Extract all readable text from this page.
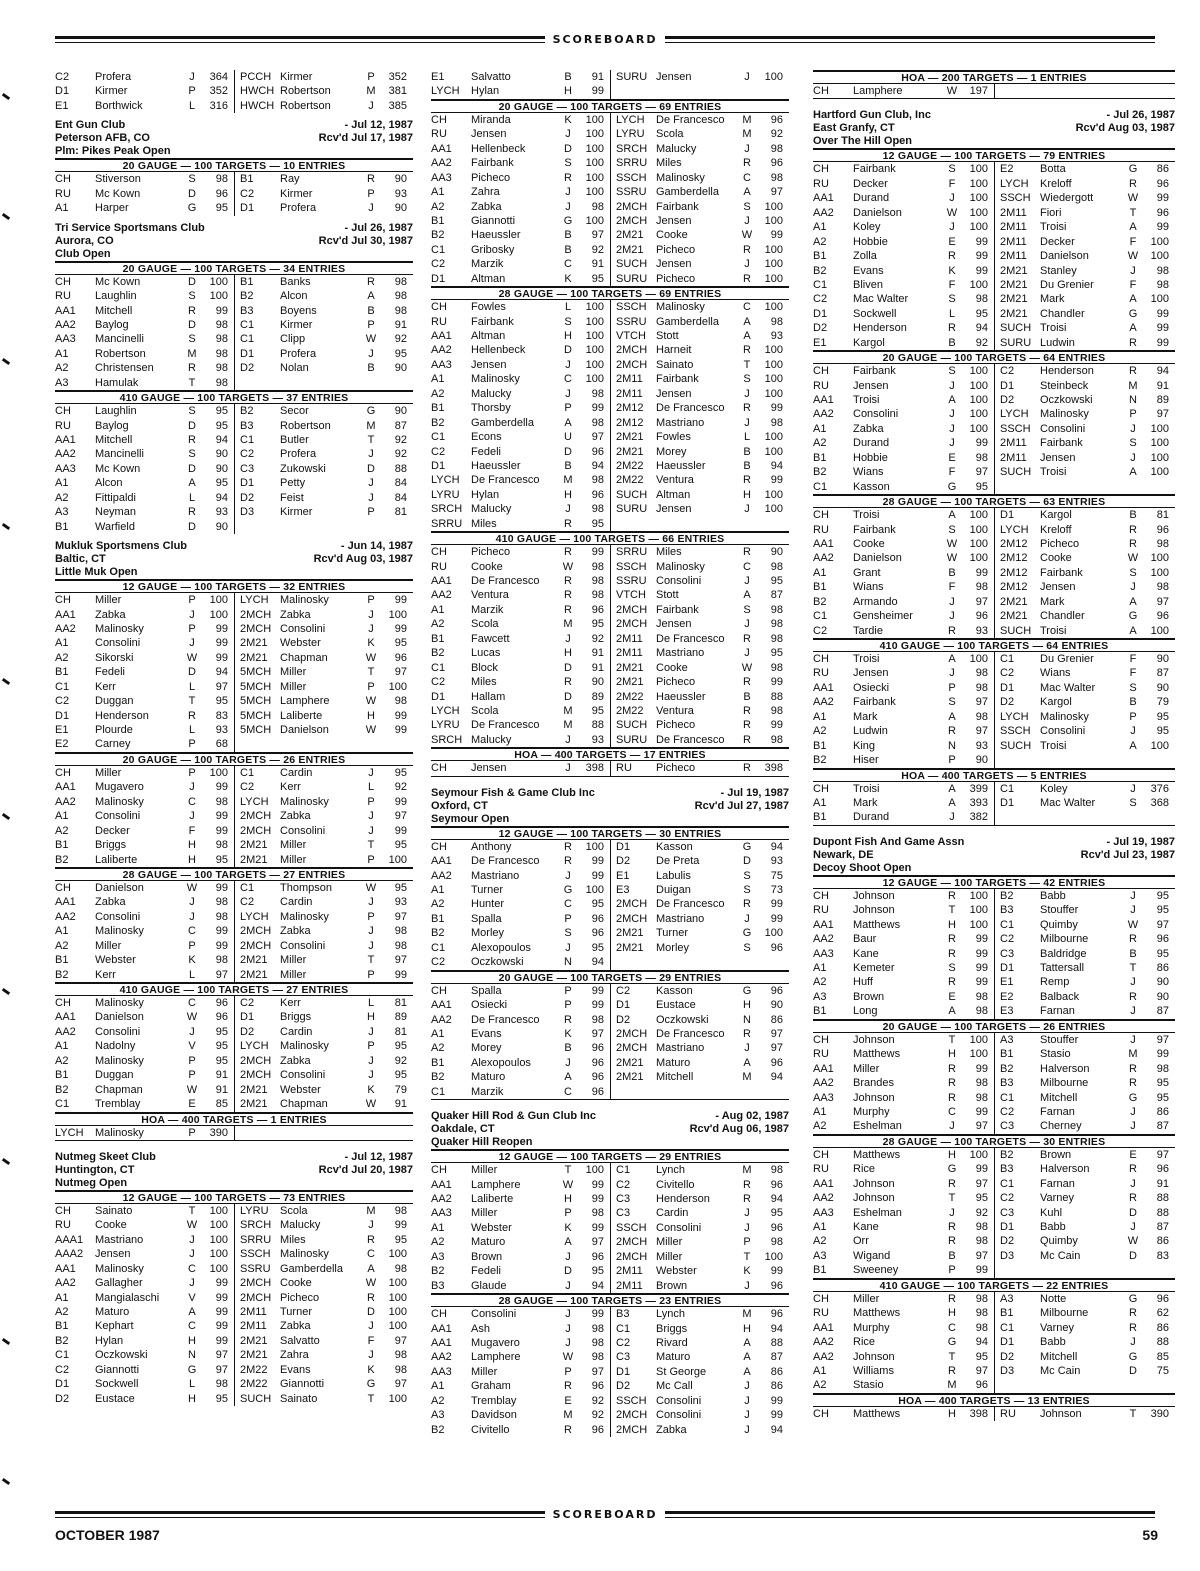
SCOREBOARD
C2	Profera	J	364	PCCH Kirmer	P	352
D1	Kirmer	P	352	HWCH Robertson	M	381
E1	Borthwick	L	316	HWCH Robertson	J	385
Ent Gun Club	- Jul 12, 1987
Peterson AFB, CO	Rcv'd Jul 17, 1987
Plm: Pikes Peak Open
20 GAUGE — 100 TARGETS — 10 ENTRIES
CH	Stiverson	S	98	B1	Ray	R	90
RU	Mc Kown	D	96	C2	Kirmer	P	93
A1	Harper	G	95	D1	Profera	J	90
Tri Service Sportsmans Club	- Jul 26, 1987
Aurora, CO	Rcv'd Jul 30, 1987
Club Open
20 GAUGE — 100 TARGETS — 34 ENTRIES
CH	Mc Kown	D	100	B1	Banks	R	98
RU	Laughlin	S	100	B2	Alcon	A	98
AA1	Mitchell	R	99	B3	Boyens	B	98
AA2	Baylog	D	98	C1	Kirmer	P	91
AA3	Mancinelli	S	98	C1	Clipp	W	92
A1	Robertson	M	98	D1	Profera	J	95
A2	Christensen	R	98	D2	Nolan	B	90
A3	Hamulak	T	98
410 GAUGE — 100 TARGETS — 37 ENTRIES
CH	Laughlin	S	95	B2	Secor	G	90
RU	Baylog	D	95	B3	Robertson	M	87
AA1	Mitchell	R	94	C1	Butler	T	92
AA2	Mancinelli	S	90	C2	Profera	J	92
AA3	Mc Kown	D	90	C3	Zukowski	D	88
A1	Alcon	A	95	D1	Petty	J	84
A2	Fittipaldi	L	94	D2	Feist	J	84
A3	Neyman	R	93	D3	Kirmer	P	81
B1	Warfield	D	90
Mukluk Sportsmens Club	- Jun 14, 1987
Baltic, CT	Rcv'd Aug 03, 1987
Little Muk Open
12 GAUGE — 100 TARGETS — 32 ENTRIES
CH	Miller	P	100	LYCH	Malinosky	P	99
AA1	Zabka	J	100	2MCH Zabka	J	100
AA2	Malinosky	P	99	2MCH Consolini	J	99
A1	Consolini	J	99	2M21	Webster	K	95
A2	Sikorski	W	99	2M21	Chapman	W	96
B1	Fedeli	D	94	5MCH Miller	T	97
C1	Kerr	L	97	5MCH Miller	P	100
C2	Duggan	T	95	5MCH Lamphere	W	98
D1	Henderson	R	83	5MCH Laliberte	H	99
E1	Plourde	L	93	5MCH Danielson	W	99
E2	Carney	P	68
20 GAUGE — 100 TARGETS — 26 ENTRIES
CH	Miller	P	100	C1	Cardin	J	95
AA1	Mugavero	J	99	C2	Kerr	L	92
AA2	Malinosky	C	98	LYCH	Malinosky	P	99
A1	Consolini	J	99	2MCH Zabka	J	97
A2	Decker	F	99	2MCH Consolini	J	99
B1	Briggs	H	98	2M21	Miller	T	95
B2	Laliberte	H	95	2M21	Miller	P	100
28 GAUGE — 100 TARGETS — 27 ENTRIES
CH	Danielson	W	99	C1	Thompson	W	95
AA1	Zabka	J	98	C2	Cardin	J	93
AA2	Consolini	J	98	LYCH	Malinosky	P	97
A1	Malinosky	C	99	2MCH Zabka	J	98
A2	Miller	P	99	2MCH Consolini	J	98
B1	Webster	K	98	2M21	Miller	T	97
B2	Kerr	L	97	2M21	Miller	P	99
410 GAUGE — 100 TARGETS — 27 ENTRIES
CH	Malinosky	C	96	C2	Kerr	L	81
AA1	Danielson	W	96	D1	Briggs	H	89
AA2	Consolini	J	95	D2	Cardin	J	81
A1	Nadolny	V	95	LYCH	Malinosky	P	95
A2	Malinosky	P	95	2MCH Zabka	J	92
B1	Duggan	P	91	2MCH Consolini	J	95
B2	Chapman	W	91	2M21	Webster	K	79
C1	Tremblay	E	85	2M21	Chapman	W	91
HOA — 400 TARGETS — 1 ENTRIES
LYCH	Malinosky	P	390
Nutmeg Skeet Club	- Jul 12, 1987
Huntington, CT	Rcv'd Jul 20, 1987
Nutmeg Open
12 GAUGE — 100 TARGETS — 73 ENTRIES
CH	Sainato	T	100	LYRU	Scola	M	98
RU	Cooke	W	100	SRCH Malucky	J	99
AAA1	Mastriano	J	100	SRRU Miles	R	95
AAA2	Jensen	J	100	SSCH Malinosky	C	100
AA1	Malinosky	C	100	SSRU Gamberdella	A	98
AA2	Gallagher	J	99	2MCH Cooke	W	100
A1	Mangialaschi	V	99	2MCH Picheco	R	100
A2	Maturo	A	99	2M11	Turner	D	100
B1	Kephart	C	99	2M11	Zabka	J	100
B2	Hylan	H	99	2M21	Salvatto	F	97
C1	Oczkowski	N	97	2M21	Zahra	J	98
C2	Giannotti	G	97	2M22	Evans	K	98
D1	Sockwell	L	98	2M22	Giannotti	G	97
D2	Eustace	H	95	SUCH Sainato	T	100
E1	Salvatto	B	91	SURU Jensen	J	100
LYCH	Hylan	H	99
20 GAUGE — 100 TARGETS — 69 ENTRIES
CH	Miranda	K	100	LYCH	De Francesco	M	96
RU	Jensen	J	100	LYRU	Scola	M	92
AA1	Hellenbeck	D	100	SRCH Malucky	J	98
AA2	Fairbank	S	100	SRRU Miles	R	96
AA3	Picheco	R	100	SSCH Malinosky	C	98
A1	Zahra	J	100	SSRU Gamberdella	A	97
A2	Zabka	J	98	2MCH Fairbank	S	100
B1	Giannotti	G	100	2MCH Jensen	J	100
B2	Haeussler	B	97	2M21	Cooke	W	99
C1	Gribosky	B	92	2M21	Picheco	R	100
C2	Marzik	C	91	SUCH Jensen	J	100
D1	Altman	K	95	SURU Picheco	R	100
28 GAUGE — 100 TARGETS — 69 ENTRIES
CH	Fowles	L	100	SSCH Malinosky	C	100
RU	Fairbank	S	100	SSRU Gamberdella	A	98
AA1	Altman	H	100	VTCH Stott	A	93
AA2	Hellenbeck	D	100	2MCH Harneit	R	100
AA3	Jensen	J	100	2MCH Sainato	T	100
A1	Malinosky	C	100	2M11	Fairbank	S	100
A2	Malucky	J	98	2M11	Jensen	J	100
B1	Thorsby	P	99	2M12	De Francesco	R	99
B2	Gamberdella	A	98	2M12	Mastriano	J	98
C1	Econs	U	97	2M21	Fowles	L	100
C2	Fedeli	D	96	2M21	Morey	B	100
D1	Haeussler	B	94	2M22	Haeussler	B	94
LYCH	De Francesco	M	98	2M22	Ventura	R	99
LYRU	Hylan	H	96	SUCH Altman	H	100
SRCH Malucky	J	98	SURU Jensen	J	100
SRRU Miles	R	95
410 GAUGE — 100 TARGETS — 66 ENTRIES
CH	Picheco	R	99	SRRU Miles	R	90
RU	Cooke	W	98	SSCH Malinosky	C	98
AA1	De Francesco	R	98	SSRU Consolini	J	95
AA2	Ventura	R	98	VTCH Stott	A	87
A1	Marzik	R	96	2MCH Fairbank	S	98
A2	Scola	M	95	2MCH Jensen	J	98
B1	Fawcett	J	92	2M11	De Francesco	R	98
B2	Lucas	H	91	2M11	Mastriano	J	95
C1	Block	D	91	2M21	Cooke	W	98
C2	Miles	R	90	2M21	Picheco	R	99
D1	Hallam	D	89	2M22	Haeussler	B	88
LYCH	Scola	M	95	2M22	Ventura	R	98
LYRU	De Francesco	M	88	SUCH Picheco	R	99
SRCH Malucky	J	93	SURU De Francesco	R	98
HOA — 400 TARGETS — 17 ENTRIES
CH	Jensen	J	398	RU	Picheco	R	398
Seymour Fish & Game Club Inc	- Jul 19, 1987
Oxford, CT	Rcv'd Jul 27, 1987
Seymour Open
12 GAUGE — 100 TARGETS — 30 ENTRIES
CH	Anthony	R	100	D1	Kasson	G	94
AA1	De Francesco	R	99	D2	De Preta	D	93
AA2	Mastriano	J	99	E1	Labulis	S	75
A1	Turner	G	100	E3	Duigan	S	73
A2	Hunter	C	95	2MCH De Francesco	R	99
B1	Spalla	P	96	2MCH Mastriano	J	99
B2	Morley	S	96	2M21	Turner	G	100
C1	Alexopoulos	J	95	2M21	Morley	S	96
C2	Oczkowski	N	94
20 GAUGE — 100 TARGETS — 29 ENTRIES
CH	Spalla	P	99	C2	Kasson	G	96
AA1	Osiecki	P	99	D1	Eustace	H	90
AA2	De Francesco	R	98	D2	Oczkowski	N	86
A1	Evans	K	97	2MCH De Francesco	R	97
A2	Morey	B	96	2MCH Mastriano	J	97
B1	Alexopoulos	J	96	2M21	Maturo	A	96
B2	Maturo	A	96	2M21	Mitchell	M	94
C1	Marzik	C	96
Quaker Hill Rod & Gun Club Inc	- Aug 02, 1987
Oakdale, CT	Rcv'd Aug 06, 1987
Quaker Hill Reopen
12 GAUGE — 100 TARGETS — 29 ENTRIES
CH	Miller	T	100	C1	Lynch	M	98
AA1	Lamphere	W	99	C2	Civitello	R	96
AA2	Laliberte	H	99	C3	Henderson	R	94
AA3	Miller	P	98	C3	Cardin	J	95
A1	Webster	K	99	SSCH Consolini	J	96
A2	Maturo	A	97	2MCH Miller	P	98
A3	Brown	J	96	2MCH Miller	T	100
B2	Fedeli	D	95	2M11	Webster	K	99
B3	Glaude	J	94	2M11	Brown	J	96
28 GAUGE — 100 TARGETS — 23 ENTRIES
CH	Consolini	J	99	B3	Lynch	M	96
AA1	Ash	J	98	C1	Briggs	H	94
AA1	Mugavero	J	98	C2	Rivard	A	88
AA2	Lamphere	W	98	C3	Maturo	A	87
AA3	Miller	P	97	D1	St George	A	86
A1	Graham	R	96	D2	Mc Call	J	86
A2	Tremblay	E	92	SSCH Consolini	J	99
A3	Davidson	M	92	2MCH Consolini	J	99
B2	Civitello	R	96	2MCH Zabka	J	94
HOA — 200 TARGETS — 1 ENTRIES
CH	Lamphere	W	197
Hartford Gun Club, Inc	- Jul 26, 1987
East Granfy, CT	Rcv'd Aug 03, 1987
Over The Hill Open
12 GAUGE — 100 TARGETS — 79 ENTRIES
CH	Fairbank	S	100	E2	Botta	G	86
RU	Decker	F	100	LYCH	Kreloff	R	96
AA1	Durand	J	100	SSCH Wiedergott	W	99
AA2	Danielson	W	100	2M11	Fiori	T	96
A1	Koley	J	100	2M11	Troisi	A	99
A2	Hobbie	E	99	2M11	Decker	F	100
B1	Zolla	R	99	2M11	Danielson	W	100
B2	Evans	K	99	2M21	Stanley	J	98
C1	Bliven	F	100	2M21	Du Grenier	F	98
C2	Mac Walter	S	98	2M21	Mark	A	100
D1	Sockwell	L	95	2M21	Chandler	G	99
D2	Henderson	R	94	SUCH Troisi	A	99
E1	Kargol	B	92	SURU Ludwin	R	99
20 GAUGE — 100 TARGETS — 64 ENTRIES
CH	Fairbank	S	100	C2	Henderson	R	94
RU	Jensen	J	100	D1	Steinbeck	M	91
AA1	Troisi	A	100	D2	Oczkowski	N	89
AA2	Consolini	J	100	LYCH	Malinosky	P	97
A1	Zabka	J	100	SSCH Consolini	J	100
A2	Durand	J	99	2M11	Fairbank	S	100
B1	Hobbie	E	98	2M11	Jensen	J	100
B2	Wians	F	97	SUCH Troisi	A	100
C1	Kasson	G	95
28 GAUGE — 100 TARGETS — 63 ENTRIES
CH	Troisi	A	100	D1	Kargol	B	81
RU	Fairbank	S	100	LYCH	Kreloff	R	96
AA1	Cooke	W	100	2M12	Picheco	R	98
AA2	Danielson	W	100	2M12	Cooke	W	100
A1	Grant	B	99	2M12	Fairbank	S	100
B1	Wians	F	98	2M12	Jensen	J	98
B2	Armando	J	97	2M21	Mark	A	97
C1	Gensheimer	J	96	2M21	Chandler	G	96
C2	Tardie	R	93	SUCH Troisi	A	100
410 GAUGE — 100 TARGETS — 64 ENTRIES
CH	Troisi	A	100	C1	Du Grenier	F	90
RU	Jensen	J	98	C2	Wians	F	87
AA1	Osiecki	P	98	D1	Mac Walter	S	90
AA2	Fairbank	S	97	D2	Kargol	B	79
A1	Mark	A	98	LYCH	Malinosky	P	95
A2	Ludwin	R	97	SSCH Consolini	J	95
B1	King	N	93	SUCH Troisi	A	100
B2	Hiser	P	90
HOA — 400 TARGETS — 5 ENTRIES
CH	Troisi	A	399	C1	Koley	J	376
A1	Mark	A	393	D1	Mac Walter	S	368
B1	Durand	J	382
Dupont Fish And Game Assn	- Jul 19, 1987
Newark, DE	Rcv'd Jul 23, 1987
Decoy Shoot Open
12 GAUGE — 100 TARGETS — 42 ENTRIES
CH	Johnson	R	100	B2	Babb	J	95
RU	Johnson	T	100	B3	Stouffer	J	95
AA1	Matthews	H	100	C1	Quimby	W	97
AA2	Baur	R	99	C2	Milbourne	R	96
AA3	Kane	R	99	C3	Baldridge	B	95
A1	Kemeter	S	99	D1	Tattersall	T	86
A2	Huff	R	99	E1	Remp	J	90
A3	Brown	E	98	E2	Balback	R	90
B1	Long	A	98	E3	Farnan	J	87
20 GAUGE — 100 TARGETS — 26 ENTRIES
CH	Johnson	T	100	A3	Stouffer	J	97
RU	Matthews	H	100	B1	Stasio	M	99
AA1	Miller	R	99	B2	Halverson	R	98
AA2	Brandes	R	98	B3	Milbourne	R	95
AA3	Johnson	R	98	C1	Mitchell	G	95
A1	Murphy	C	99	C2	Farnan	J	86
A2	Eshelman	J	97	C3	Cherney	J	87
28 GAUGE — 100 TARGETS — 30 ENTRIES
CH	Matthews	H	100	B2	Brown	E	97
RU	Rice	G	99	B3	Halverson	R	96
AA1	Johnson	R	97	C1	Farnan	J	91
AA2	Johnson	T	95	C2	Varney	R	88
AA3	Eshelman	J	92	C3	Kuhl	D	88
A1	Kane	R	98	D1	Babb	J	87
A2	Orr	R	98	D2	Quimby	W	86
A3	Wigand	B	97	D3	Mc Cain	D	83
B1	Sweeney	P	99
410 GAUGE — 100 TARGETS — 22 ENTRIES
CH	Miller	R	98	A3	Notte	G	96
RU	Matthews	H	98	B1	Milbourne	R	62
AA1	Murphy	C	98	C1	Varney	R	86
AA2	Rice	G	94	D1	Babb	J	88
AA2	Johnson	T	95	D2	Mitchell	G	85
A1	Williams	R	97	D3	Mc Cain	D	75
A2	Stasio	M	96
HOA — 400 TARGETS — 13 ENTRIES
CH	Matthews	H	398	RU	Johnson	T	390
SCOREBOARD
OCTOBER 1987	59
